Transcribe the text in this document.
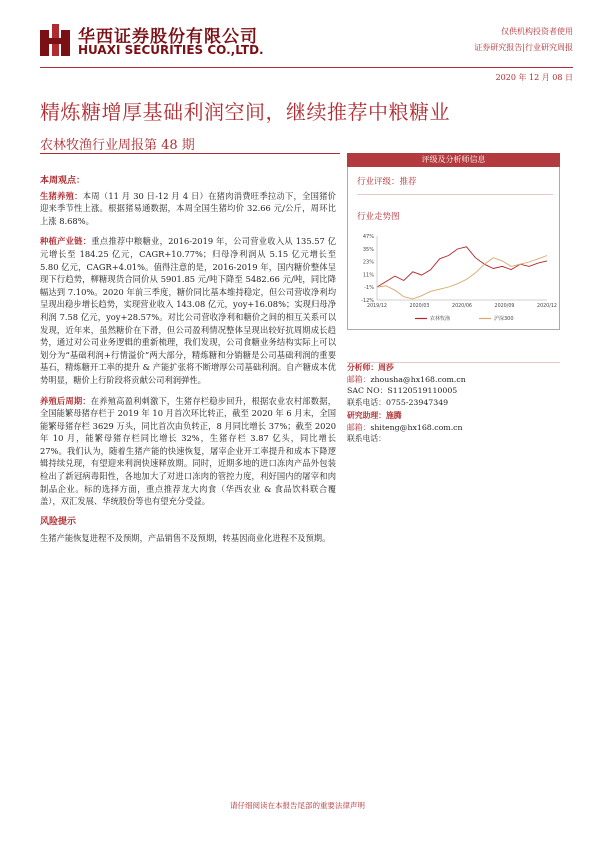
华西证券股份有限公司
HUAXI SECURITIES CO.,LTD.
仅供机构投资者使用
证券研究报告|行业研究周报
2020 年 12 月 08 日
精炼糖增厚基础利润空间，继续推荐中粮糖业
农林牧渔行业周报第 48 期
本周观点：

生猪养殖：本周（11 月 30 日-12 月 4 日）在猪肉消费旺季拉动下，全国猪价迎来季节性上涨。根据猪易通数据，本周全国生猪均价 32.66 元/公斤，周环比上涨 8.68%。

种植产业链：重点推荐中粮糖业，2016-2019 年，公司营业收入从 135.57 亿元增长至 184.25 亿元，CAGR+10.77%；归母净利润从 5.15 亿元增长至 5.80 亿元，CAGR+4.01%。值得注意的是，2016-2019 年，国内糖价整体呈现下行趋势，柳糖现货合同价从 5901.85 元/吨下降至 5482.66 元/吨，同比降幅达到 7.10%。2020 年前三季度，糖价同比基本维持稳定，但公司营收净利均呈现出稳步增长趋势，实现营业收入 143.08 亿元，yoy+16.08%；实现归母净利润 7.58 亿元，yoy+28.57%。对比公司营收净利和糖价之间的相互关系可以发现，近年来，虽然糖价在下滑，但公司盈利情况整体呈现出较好抗周期成长趋势，通过对公司业务逻辑的重新梳理，我们发现，公司食糖业务结构实际上可以划分为“基础利润+行情溢价”两大部分，精炼糖和分销糖是公司基础利润的重要基石，精炼糖开工率的提升 & 产能扩张将不断增厚公司基础利润。自产糖成本优势明显，糖价上行阶段将贡献公司利润弹性。

养殖后周期：在养殖高盈利刺激下，生猪存栏稳步回升，根据农业农村部数据，全国能繁母猪存栏于 2019 年 10 月首次环比转正，截至 2020 年 6 月末，全国能繁母猪存栏 3629 万头，同比首次由负转正，8 月同比增长 37%；截至 2020 年 10 月，能繁母猪存栏同比增长 32%，生猪存栏 3.87 亿头，同比增长 27%。我们认为，随着生猪产能的快速恢复，屠宰企业开工率提升和成本下降逻辑持续兑现，有望迎来利润快速释放期。同时，近期多地的进口冻肉产品外包装检出了新冠病毒阳性，各地加大了对进口冻肉的管控力度，利好国内的屠宰和肉制品企业。标的选择方面，重点推荐龙大肉食（华西农业 & 食品饮料联合覆盖），双汇发展、华统股份等也有望充分受益。

风险提示

生猪产能恢复进程不及预期，产品销售不及预期，转基因商业化进程不及预期。

评级及分析师信息
行业评级：推荐
行业走势图
47%
35%
23%
11%
-1%
-12%
2019/12	2020/03	2020/06	2020/09	2020/12
农林牧渔	沪深300
分析师：周莎
邮箱：zhousha@hx168.com.cn
SAC NO：S1120519110005
联系电话：0755-23947349
研究助理：施腾
邮箱：shiteng@hx168.com.cn
联系电话：
请仔细阅读在本报告尾部的重要法律声明
